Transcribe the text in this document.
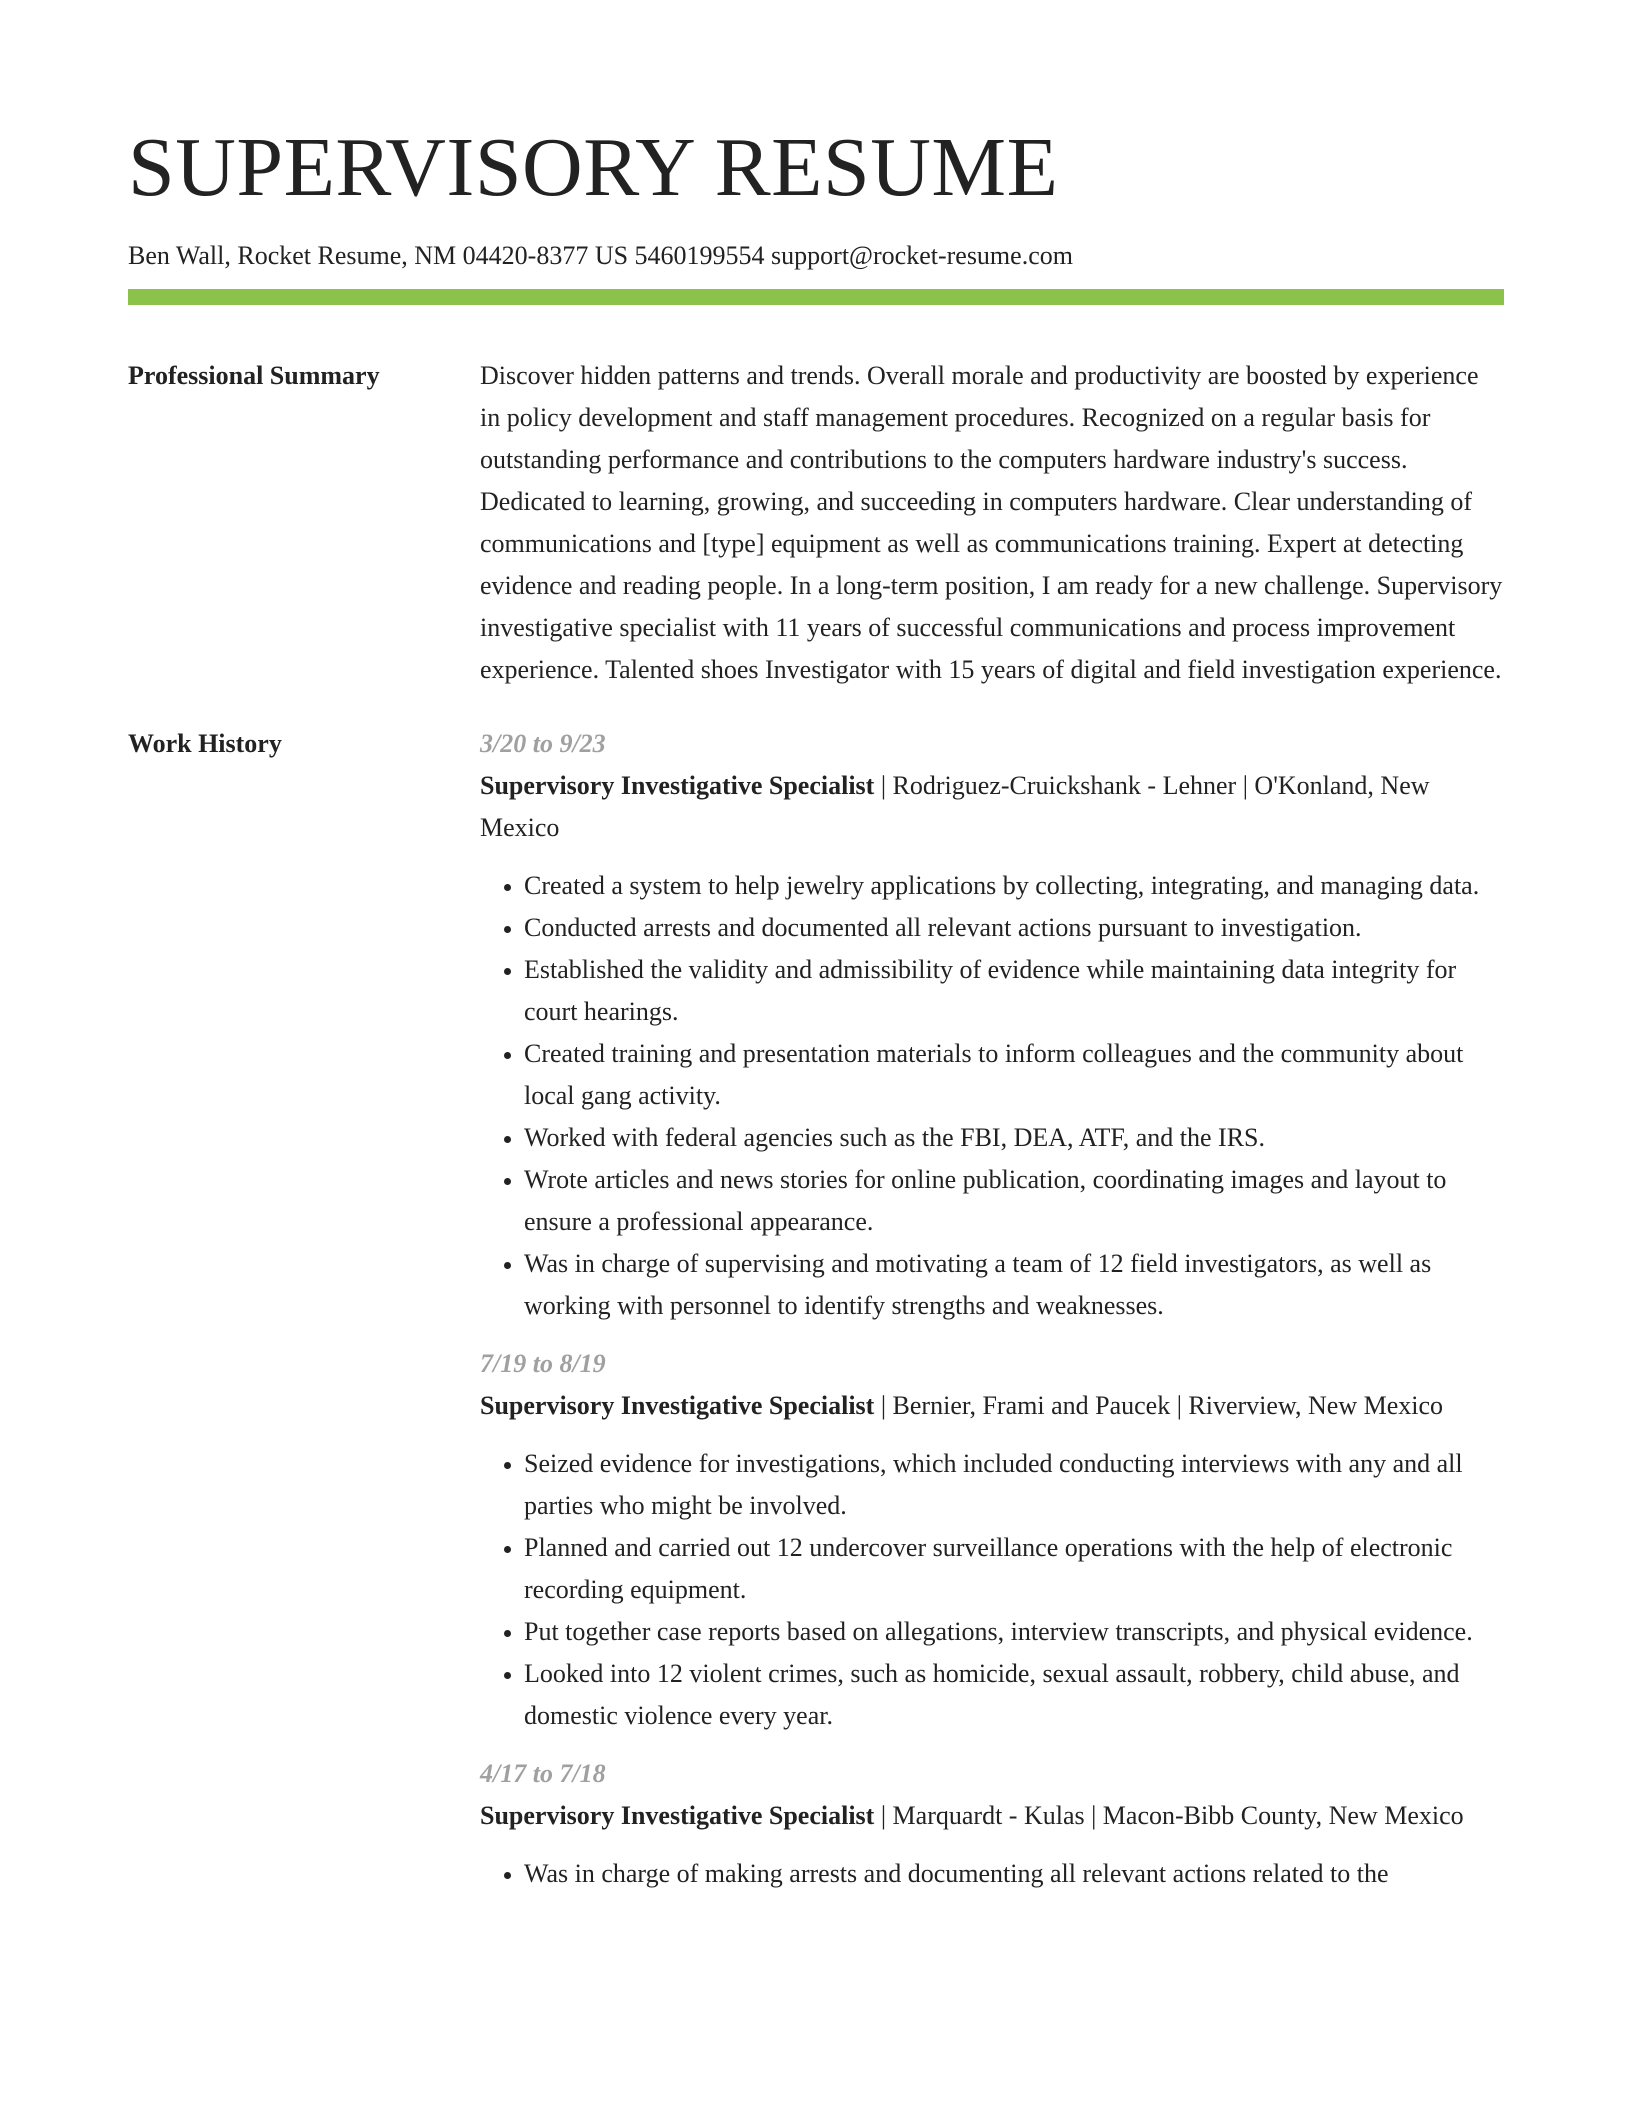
SUPERVISORY RESUME
Ben Wall, Rocket Resume, NM 04420-8377 US 5460199554 support@rocket-resume.com
Professional Summary	Discover hidden patterns and trends. Overall morale and productivity are boosted by experience in policy development and staff management procedures. Recognized on a regular basis for outstanding performance and contributions to the computers hardware industry's success. Dedicated to learning, growing, and succeeding in computers hardware. Clear understanding of communications and [type] equipment as well as communications training. Expert at detecting evidence and reading people. In a long-term position, I am ready for a new challenge. Supervisory investigative specialist with 11 years of successful communications and process improvement experience. Talented shoes Investigator with 15 years of digital and field investigation experience.
Work History	3/20 to 9/23
Supervisory Investigative Specialist | Rodriguez-Cruickshank - Lehner | O'Konland, New Mexico
• Created a system to help jewelry applications by collecting, integrating, and managing data.
• Conducted arrests and documented all relevant actions pursuant to investigation.
• Established the validity and admissibility of evidence while maintaining data integrity for court hearings.
• Created training and presentation materials to inform colleagues and the community about local gang activity.
• Worked with federal agencies such as the FBI, DEA, ATF, and the IRS.
• Wrote articles and news stories for online publication, coordinating images and layout to ensure a professional appearance.
• Was in charge of supervising and motivating a team of 12 field investigators, as well as working with personnel to identify strengths and weaknesses.
7/19 to 8/19
Supervisory Investigative Specialist | Bernier, Frami and Paucek | Riverview, New Mexico
• Seized evidence for investigations, which included conducting interviews with any and all parties who might be involved.
• Planned and carried out 12 undercover surveillance operations with the help of electronic recording equipment.
• Put together case reports based on allegations, interview transcripts, and physical evidence.
• Looked into 12 violent crimes, such as homicide, sexual assault, robbery, child abuse, and domestic violence every year.
4/17 to 7/18
Supervisory Investigative Specialist | Marquardt - Kulas | Macon-Bibb County, New Mexico
• Was in charge of making arrests and documenting all relevant actions related to the
